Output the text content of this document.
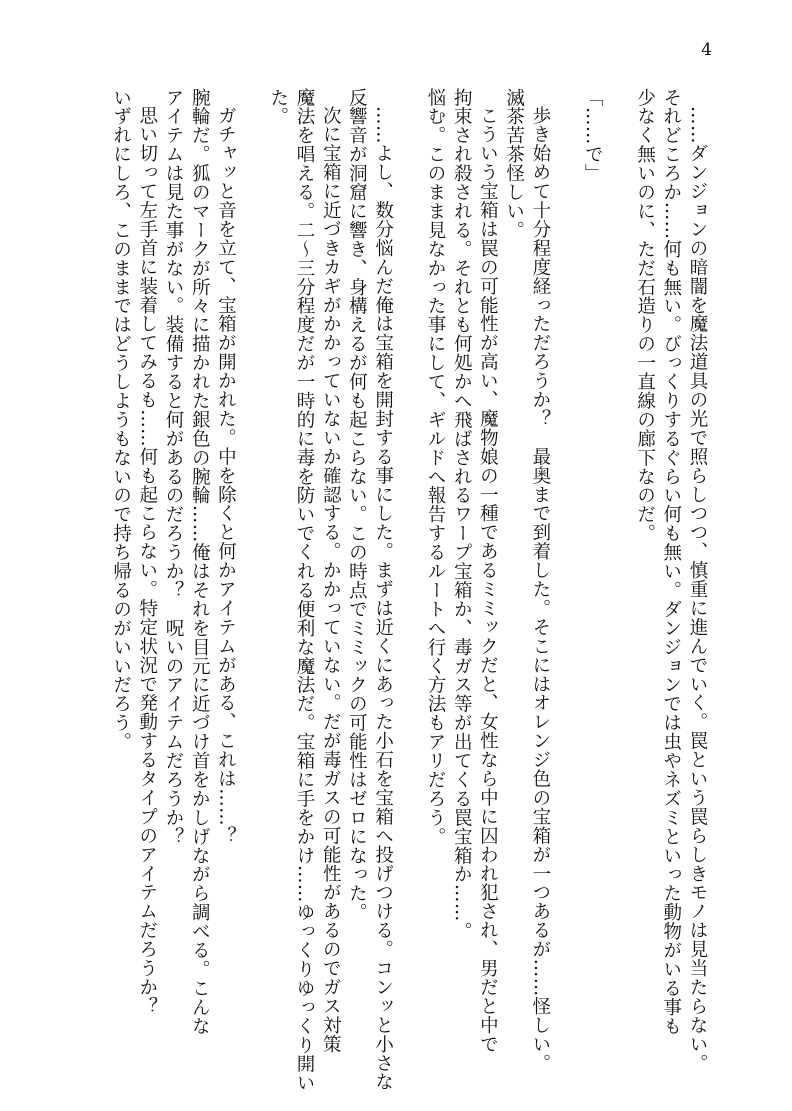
4

……ダンジョンの暗闇を魔法道具の光で照らしつつ、慎重に進んでいく。罠という罠らしきモノは見当たらない。

それどころか……何も無い。びっくりするぐらい何も無い。ダンジョンでは虫やネズミといった動物がいる事も

少なく無いのに、ただ石造りの一直線の廊下なのだ。

「……で」

歩き始めて十分程度経っただろうか？　最奥まで到着した。そこにはオレンジ色の宝箱が一つあるが……怪しい。

滅茶苦茶怪しい。

こういう宝箱は罠の可能性が高い、魔物娘の一種であるミミックだと、女性なら中に囚われ犯され、男だと中で

拘束され殺される。それとも何処かへ飛ばされるワープ宝箱か、毒ガス等が出てくる罠宝箱か……。

悩む。このまま見なかった事にして、ギルドへ報告するルートへ行く方法もアリだろう。

……よし、数分悩んだ俺は宝箱を開封する事にした。まずは近くにあった小石を宝箱へ投げつける。コンッと小さな

反響音が洞窟に響き、身構えるが何も起こらない。この時点でミミックの可能性はゼロになった。

次に宝箱に近づきカギがかかっていないか確認する。かかっていない。だが毒ガスの可能性があるのでガス対策

魔法を唱える。二～三分程度だが一時的に毒を防いでくれる便利な魔法だ。宝箱に手をかけ……ゆっくりゆっくり開い

た。

ガチャッと音を立て、宝箱が開かれた。中を除くと何かアイテムがある、これは……？

腕輪だ。狐のマークが所々に描かれた銀色の腕輪……俺はそれを目元に近づけ首をかしげながら調べる。こんな

アイテムは見た事がない。装備すると何があるのだろうか？　呪いのアイテムだろうか？

思い切って左手首に装着してみるも……何も起こらない。特定状況で発動するタイプのアイテムだろうか？

いずれにしろ、このままではどうしようもないので持ち帰るのがいいだろう。
